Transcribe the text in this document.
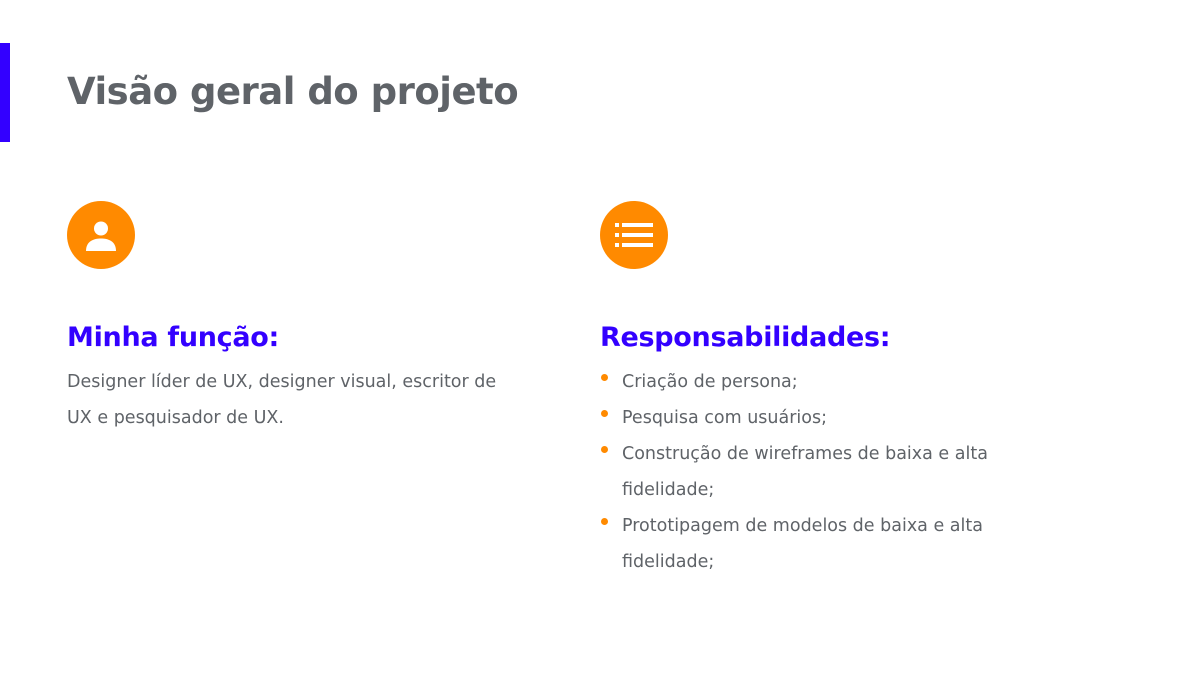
Visão geral do projeto
Minha função:

Designer líder de UX, designer visual, escritor de UX e pesquisador de UX.

Responsabilidades:
Criação de persona;
Pesquisa com usuários;
Construção de wireframes de baixa e alta fidelidade;
Prototipagem de modelos de baixa e alta fidelidade;
